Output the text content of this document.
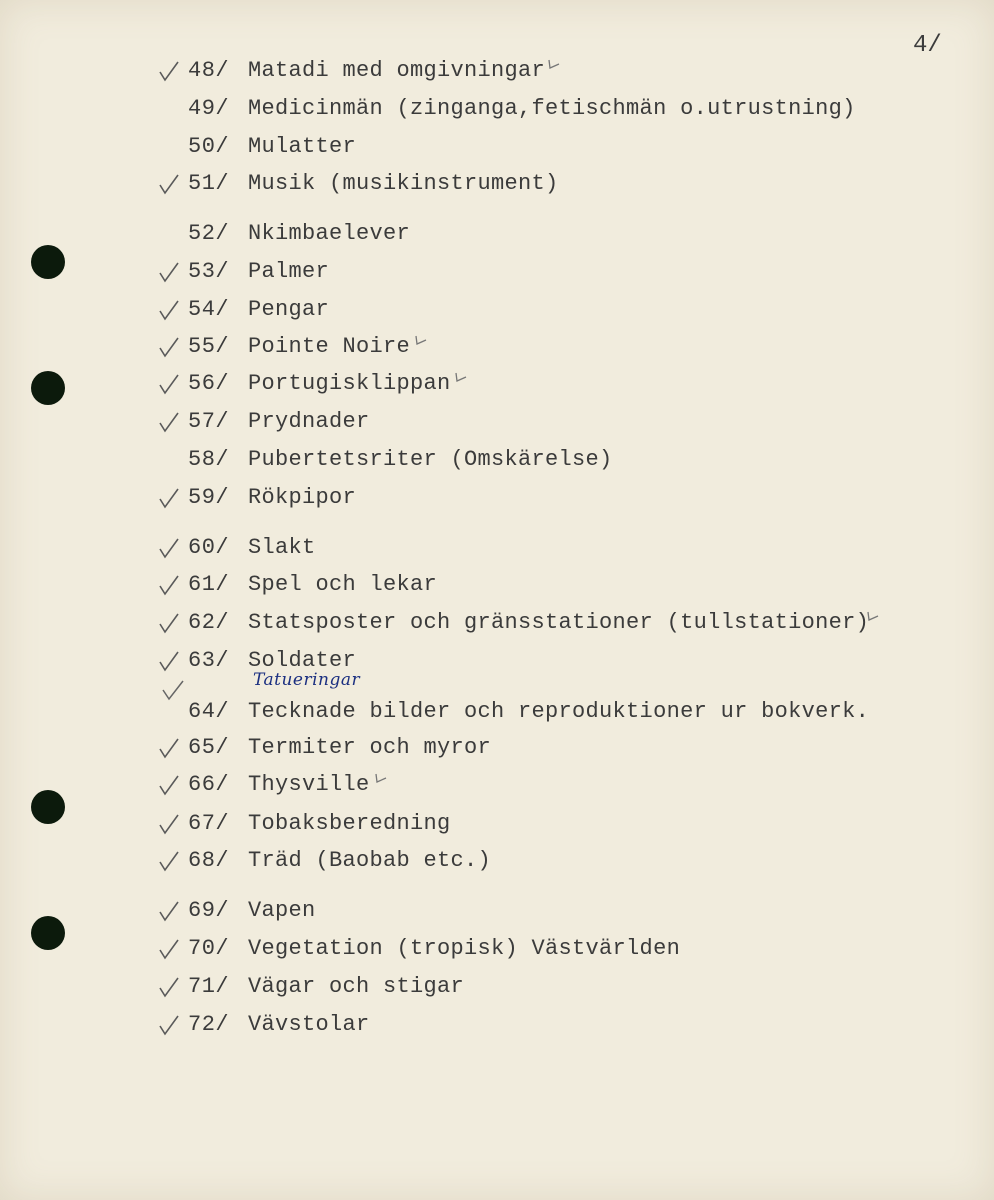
4/
48/ Matadi med omgivningar
49/ Medicinmän (zinganga,fetischmän o.utrustning)
50/ Mulatter
51/ Musik (musikinstrument)
52/ Nkimbaelever
53/ Palmer
54/ Pengar
55/ Pointe Noire
56/ Portugisklippan
57/ Prydnader
58/ Pubertetsriter (Omskärelse)
59/ Rökpipor
60/ Slakt
61/ Spel och lekar
62/ Statsposter och gränsstationer (tullstationer)
63/ Soldater
64/ Tecknade bilder och reproduktioner ur bokverk.
65/ Termiter och myror
66/ Thysville
67/ Tobaksberedning
68/ Träd (Baobab etc.)
69/ Vapen
70/ Vegetation (tropisk) Västvärlden
71/ Vägar och stigar
72/ Vävstolar
Tatueringar
